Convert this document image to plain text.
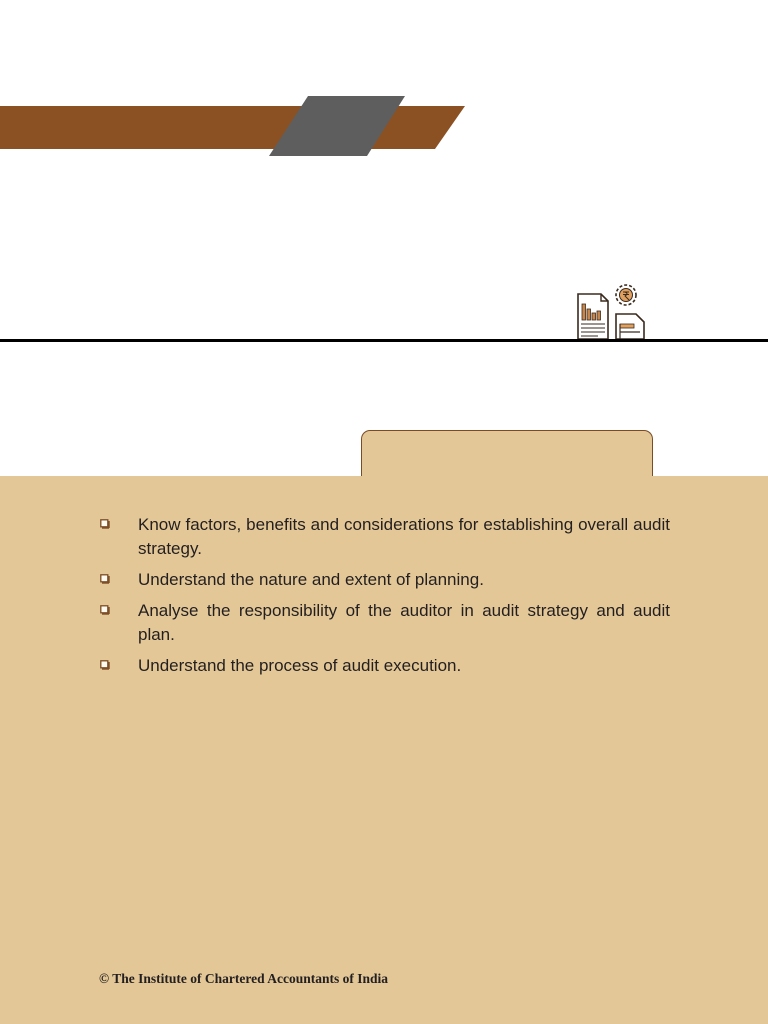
Know factors, benefits and considerations for establishing overall audit strategy.
Understand the nature and extent of planning.
Analyse the responsibility of the auditor in audit strategy and audit plan.
Understand the process of audit execution.
© The Institute of Chartered Accountants of India
